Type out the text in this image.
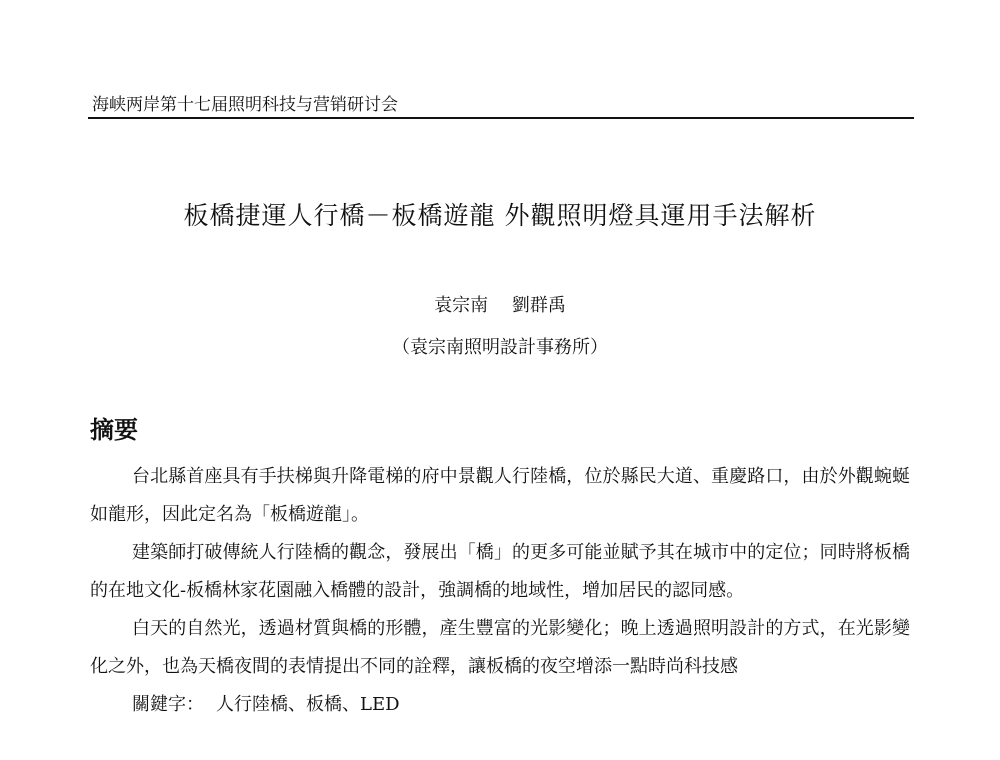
海峡两岸第十七届照明科技与营销研讨会
板橋捷運人行橋－板橋遊龍 外觀照明燈具運用手法解析
袁宗南 劉群禹
（袁宗南照明設計事務所）
摘要

台北縣首座具有手扶梯與升降電梯的府中景觀人行陸橋，位於縣民大道、重慶路口，由於外觀蜿蜒如龍形，因此定名為「板橋遊龍」。

建築師打破傳統人行陸橋的觀念，發展出「橋」的更多可能並賦予其在城市中的定位；同時將板橋的在地文化-板橋林家花園融入橋體的設計，強調橋的地域性，增加居民的認同感。

白天的自然光，透過材質與橋的形體，產生豐富的光影變化；晚上透過照明設計的方式，在光影變化之外，也為天橋夜間的表情提出不同的詮釋，讓板橋的夜空增添一點時尚科技感

關鍵字： 人行陸橋、板橋、LED
